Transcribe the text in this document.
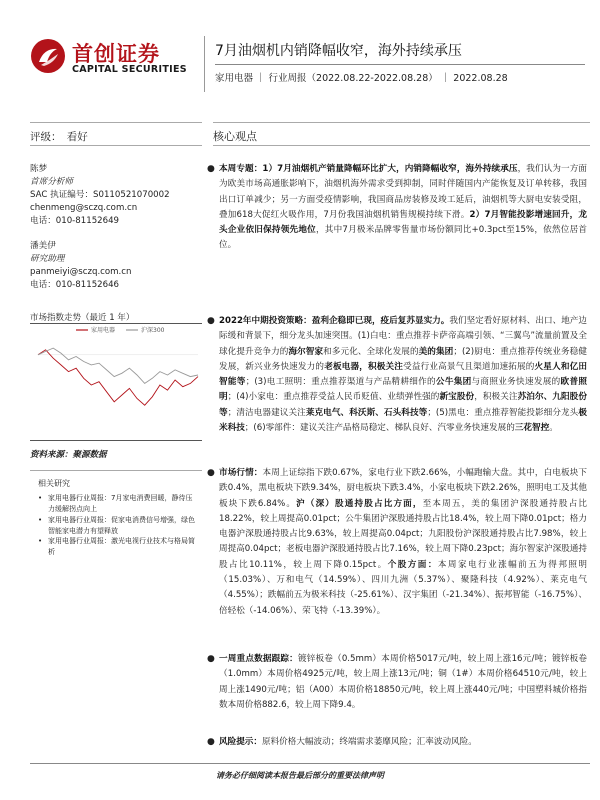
首创证券
CAPITAL SECURITIES
7月油烟机内销降幅收窄，海外持续承压
家用电器 ｜ 行业周报（2022.08.22-2022.08.28） ｜ 2022.08.28
评级：　看好	核心观点
陈梦
首席分析师
SAC 执证编号：S0110521070002
chenmeng@sczq.com.cn
电话：010-81152649
潘美伊
研究助理
panmeiyi@sczq.com.cn
电话：010-81152646
市场指数走势（最近 1 年）
家用电器	沪深300
资料来源：聚源数据
相关研究
• 家用电器行业周报：7月家电消费回暖，静待压力缓解拐点向上
• 家用电器行业周报：促家电消费信号增强，绿色智能家电潜力有望释放
• 家用电器行业周报：激光电视行业技术与格局简析
● 本周专题：1）7月油烟机产销量降幅环比扩大，内销降幅收窄，海外持续承压，我们认为一方面为欧美市场高通胀影响下，油烟机海外需求受到抑制，同时伴随国内产能恢复及订单转移，我国出口订单减少；另一方面受疫情影响，我国商品房装修及竣工延后，油烟机等大厨电安装受阻，叠加618大促红火吸作用，7月份我国油烟机销售规模持续下滑。2）7月智能投影增速回升，龙头企业依旧保持领先地位，其中7月极米品牌零售量市场份额同比+0.3pct至15%，依然位居首位。
● 2022年中期投资策略：盈利企稳即已现，疫后复苏显实力。我们坚定看好原材料、出口、地产边际缓和背景下，细分龙头加速突围。(1)白电：重点推荐卡萨帝高端引领、“三翼鸟”流量前置及全球化提升竞争力的海尔智家和多元化、全球化发展的美的集团；(2)厨电：重点推荐传统业务稳健发展，新兴业务快速发力的老板电器，积极关注受益行业高景气且渠道加速拓展的火星人和亿田智能等；(3)电工照明：重点推荐渠道与产品精耕细作的公牛集团与商照业务快速发展的欧普照明；(4)小家电：重点推荐受益人民币贬值、业绩弹性强的新宝股份，积极关注苏泊尔、九阳股份等；清洁电器建议关注莱克电气、科沃斯、石头科技等；(5)黑电：重点推荐智能投影细分龙头极米科技；(6)零部件：建议关注产品格局稳定、梯队良好、汽零业务快速发展的三花智控。
● 市场行情：本周上证综指下跌0.67%，家电行业下跌2.66%，小幅跑输大盘。其中，白电板块下跌0.4%，黑电板块下跌9.34%，厨电板块下跌3.4%，小家电板块下跌2.26%，照明电工及其他板块下跌6.84%。沪（深）股通持股占比方面，至本周五，美的集团沪深股通持股占比18.22%，较上周提高0.01pct；公牛集团沪深股通持股占比18.4%，较上周下降0.01pct；格力电器沪深股通持股占比9.63%，较上周提高0.04pct；九阳股份沪深股通持股占比7.98%，较上周提高0.04pct；老板电器沪深股通持股占比7.16%，较上周下降0.23pct；海尔智家沪深股通持股占比10.11%，较上周下降0.15pct。个股方面：本周家电行业涨幅前五为得邦照明（15.03%）、万和电气（14.59%）、四川九洲（5.37%）、聚隆科技（4.92%）、莱克电气（4.55%）；跌幅前五为极米科技（-25.61%）、汉宇集团（-21.34%）、振邦智能（-16.75%）、倍轻松（-14.06%）、荣飞特（-13.39%）。
● 一周重点数据跟踪：镀锌板卷（0.5mm）本周价格5017元/吨，较上周上涨16元/吨；镀锌板卷（1.0mm）本周价格4925元/吨，较上周上涨13元/吨；铜（1#）本周价格64510元/吨，较上周上涨1490元/吨；铝（A00）本周价格18850元/吨，较上周上涨440元/吨；中国塑料城价格指数本周价格882.6，较上周下降9.4。
● 风险提示：原料价格大幅波动；终端需求萎靡风险；汇率波动风险。
请务必仔细阅读本报告最后部分的重要法律声明
